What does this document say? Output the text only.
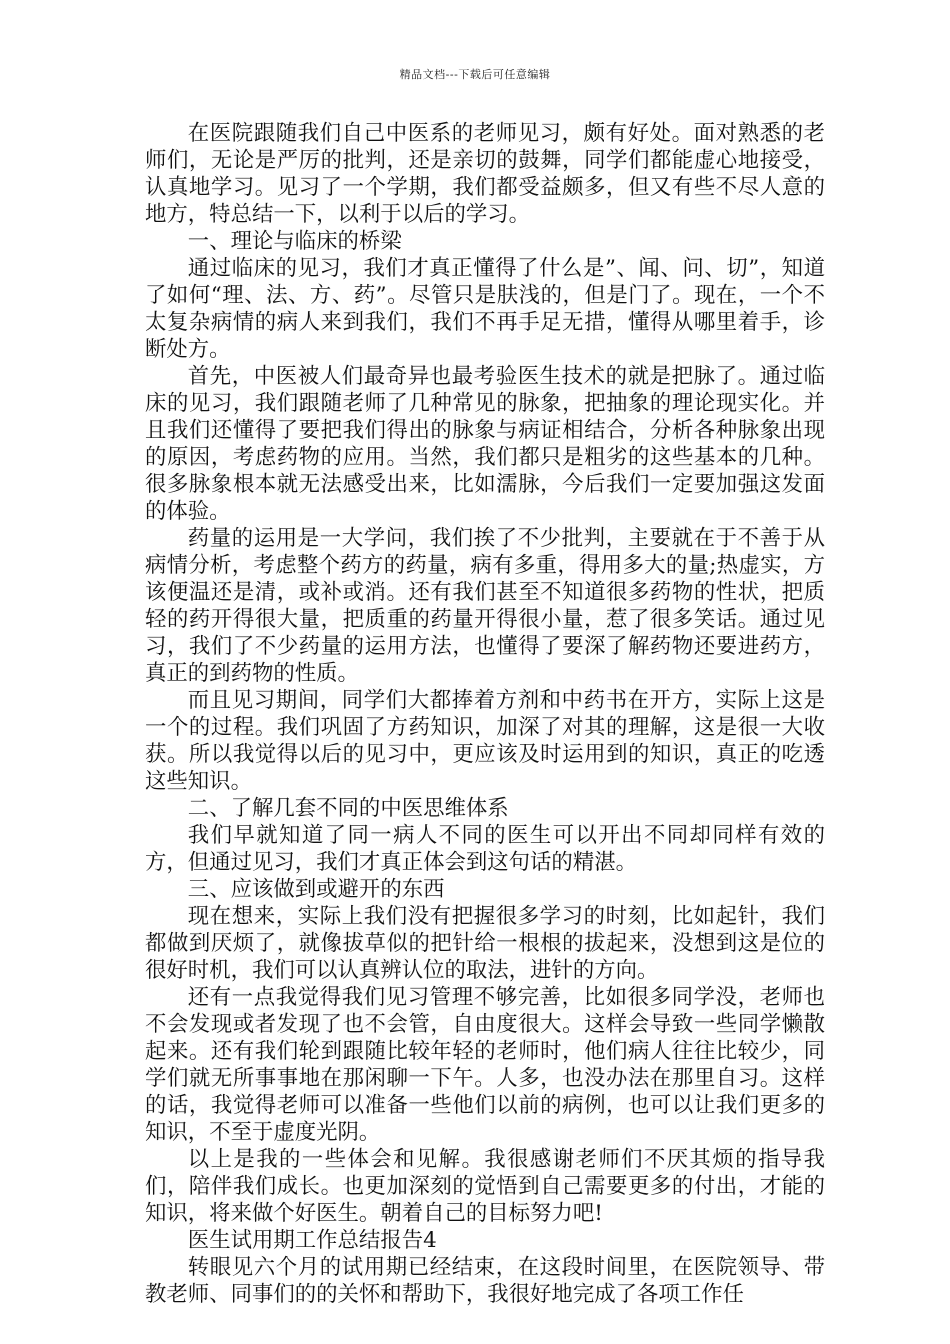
精品文档---下载后可任意编辑

在医院跟随我们自己中医系的老师见习，颇有好处。面对熟悉的老师们，无论是严厉的批判，还是亲切的鼓舞，同学们都能虚心地接受，认真地学习。见习了一个学期，我们都受益颇多，但又有些不尽人意的地方，特总结一下，以利于以后的学习。

一、理论与临床的桥梁

通过临床的见习，我们才真正懂得了什么是”、闻、问、切”，知道了如何“理、法、方、药”。尽管只是肤浅的，但是门了。现在，一个不太复杂病情的病人来到我们，我们不再手足无措，懂得从哪里着手，诊断处方。

首先，中医被人们最奇异也最考验医生技术的就是把脉了。通过临床的见习，我们跟随老师了几种常见的脉象，把抽象的理论现实化。并且我们还懂得了要把我们得出的脉象与病证相结合，分析各种脉象出现的原因，考虑药物的应用。当然，我们都只是粗劣的这些基本的几种。很多脉象根本就无法感受出来，比如濡脉，今后我们一定要加强这发面的体验。

药量的运用是一大学问，我们挨了不少批判，主要就在于不善于从病情分析，考虑整个药方的药量，病有多重，得用多大的量;热虚实，方该便温还是清，或补或消。还有我们甚至不知道很多药物的性状，把质轻的药开得很大量，把质重的药量开得很小量，惹了很多笑话。通过见习，我们了不少药量的运用方法，也懂得了要深了解药物还要进药方，真正的到药物的性质。

而且见习期间，同学们大都捧着方剂和中药书在开方，实际上这是一个的过程。我们巩固了方药知识，加深了对其的理解，这是很一大收获。所以我觉得以后的见习中，更应该及时运用到的知识，真正的吃透这些知识。

二、了解几套不同的中医思维体系

我们早就知道了同一病人不同的医生可以开出不同却同样有效的方，但通过见习，我们才真正体会到这句话的精湛。

三、应该做到或避开的东西

现在想来，实际上我们没有把握很多学习的时刻，比如起针，我们都做到厌烦了，就像拔草似的把针给一根根的拔起来，没想到这是位的很好时机，我们可以认真辨认位的取法，进针的方向。

还有一点我觉得我们见习管理不够完善，比如很多同学没，老师也不会发现或者发现了也不会管，自由度很大。这样会导致一些同学懒散起来。还有我们轮到跟随比较年轻的老师时，他们病人往往比较少，同学们就无所事事地在那闲聊一下午。人多，也没办法在那里自习。这样的话，我觉得老师可以准备一些他们以前的病例，也可以让我们更多的知识，不至于虚度光阴。

以上是我的一些体会和见解。我很感谢老师们不厌其烦的指导我们，陪伴我们成长。也更加深刻的觉悟到自己需要更多的付出，才能的知识，将来做个好医生。朝着自己的目标努力吧!

医生试用期工作总结报告4

转眼见六个月的试用期已经结束，在这段时间里，在医院领导、带教老师、同事们的的关怀和帮助下，我很好地完成了各项工作任
